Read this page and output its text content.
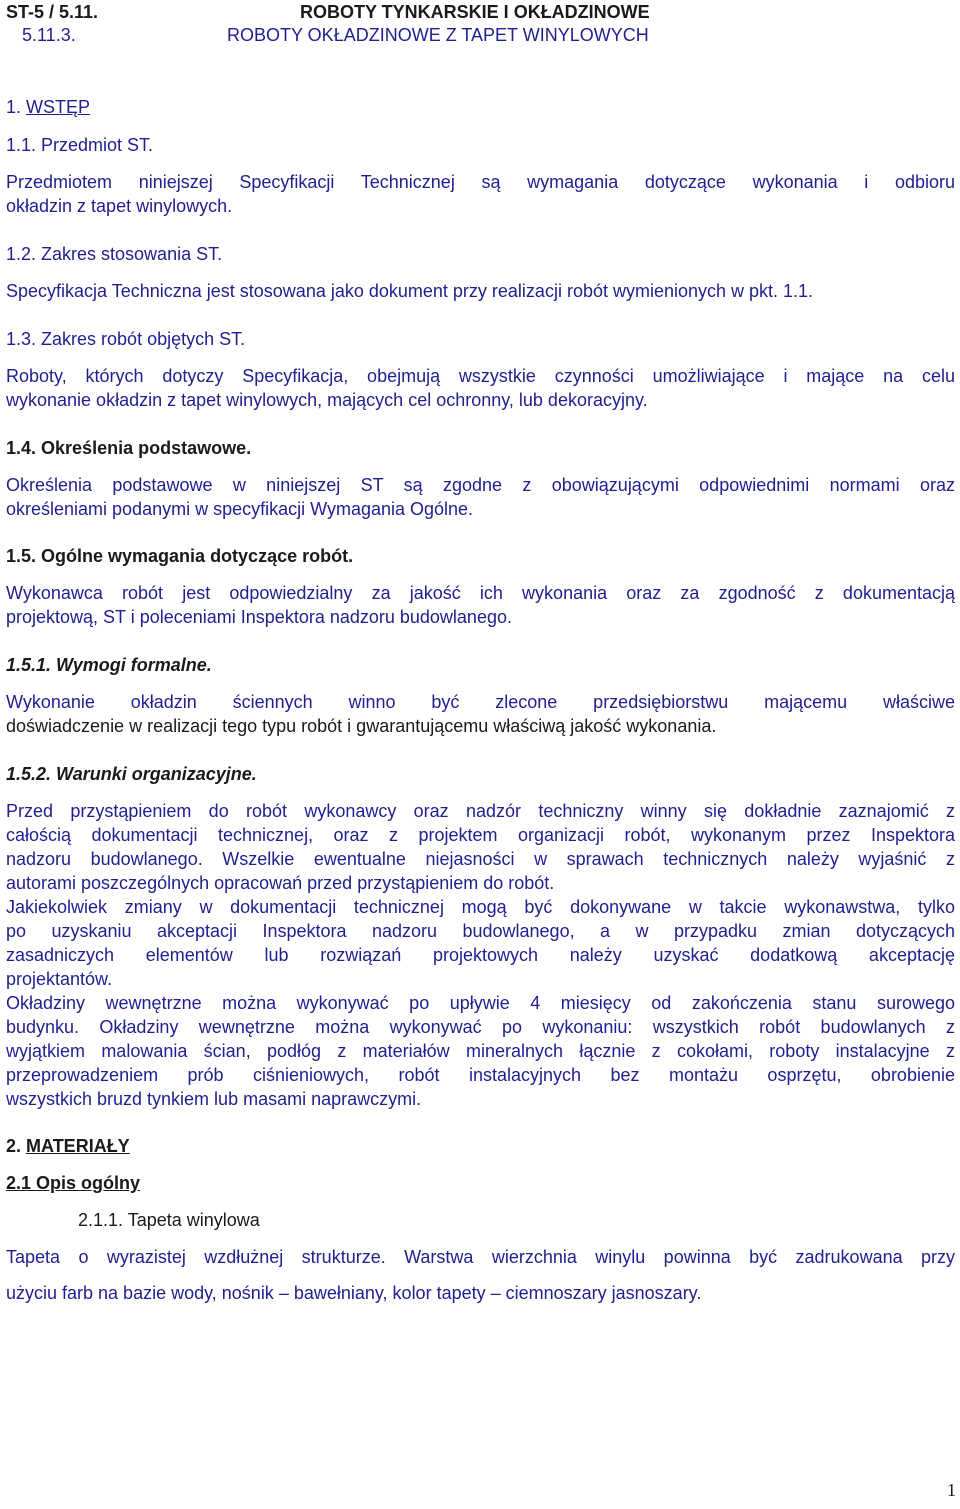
ST-5 / 5.11.	ROBOTY TYNKARSKIE I OKŁADZINOWE
5.11.3.	ROBOTY OKŁADZINOWE Z TAPET WINYLOWYCH
1. WSTĘP
1.1. Przedmiot ST.
Przedmiotem niniejszej Specyfikacji Technicznej są wymagania dotyczące wykonania i odbioru
okładzin z tapet winylowych.
1.2. Zakres stosowania ST.
Specyfikacja Techniczna jest stosowana jako dokument przy realizacji robót wymienionych w pkt. 1.1.
1.3. Zakres robót objętych ST.
Roboty, których dotyczy Specyfikacja, obejmują wszystkie czynności umożliwiające i mające na celu
wykonanie okładzin z tapet winylowych, mających cel ochronny, lub dekoracyjny.
1.4. Określenia podstawowe.
Określenia podstawowe w niniejszej ST są zgodne z obowiązującymi odpowiednimi normami oraz
określeniami podanymi w specyfikacji Wymagania Ogólne.
1.5. Ogólne wymagania dotyczące robót.
Wykonawca robót jest odpowiedzialny za jakość ich wykonania oraz za zgodność z dokumentacją
projektową, ST i poleceniami Inspektora nadzoru budowlanego.
1.5.1. Wymogi formalne.
Wykonanie okładzin ściennych winno być zlecone przedsiębiorstwu mającemu właściwe
doświadczenie w realizacji tego typu robót i gwarantującemu właściwą jakość wykonania.
1.5.2. Warunki organizacyjne.
Przed przystąpieniem do robót wykonawcy oraz nadzór techniczny winny się dokładnie zaznajomić z
całością dokumentacji technicznej, oraz z projektem organizacji robót, wykonanym przez Inspektora
nadzoru budowlanego. Wszelkie ewentualne niejasności w sprawach technicznych należy wyjaśnić z
autorami poszczególnych opracowań przed przystąpieniem do robót.
Jakiekolwiek zmiany w dokumentacji technicznej mogą być dokonywane w takcie wykonawstwa, tylko
po uzyskaniu akceptacji Inspektora nadzoru budowlanego, a w przypadku zmian dotyczących
zasadniczych elementów lub rozwiązań projektowych należy uzyskać dodatkową akceptację
projektantów.
Okładziny wewnętrzne można wykonywać po upływie 4 miesięcy od zakończenia stanu surowego
budynku. Okładziny wewnętrzne można wykonywać po wykonaniu: wszystkich robót budowlanych z
wyjątkiem malowania ścian, podłóg z materiałów mineralnych łącznie z cokołami, roboty instalacyjne z
przeprowadzeniem prób ciśnieniowych, robót instalacyjnych bez montażu osprzętu, obrobienie
wszystkich bruzd tynkiem lub masami naprawczymi.
2. MATERIAŁY
2.1 Opis ogólny
2.1.1. Tapeta winylowa
Tapeta o wyrazistej wzdłużnej strukturze. Warstwa wierzchnia winylu powinna być zadrukowana przy
użyciu farb na bazie wody, nośnik – bawełniany, kolor tapety – ciemnoszary jasnoszary.
1
